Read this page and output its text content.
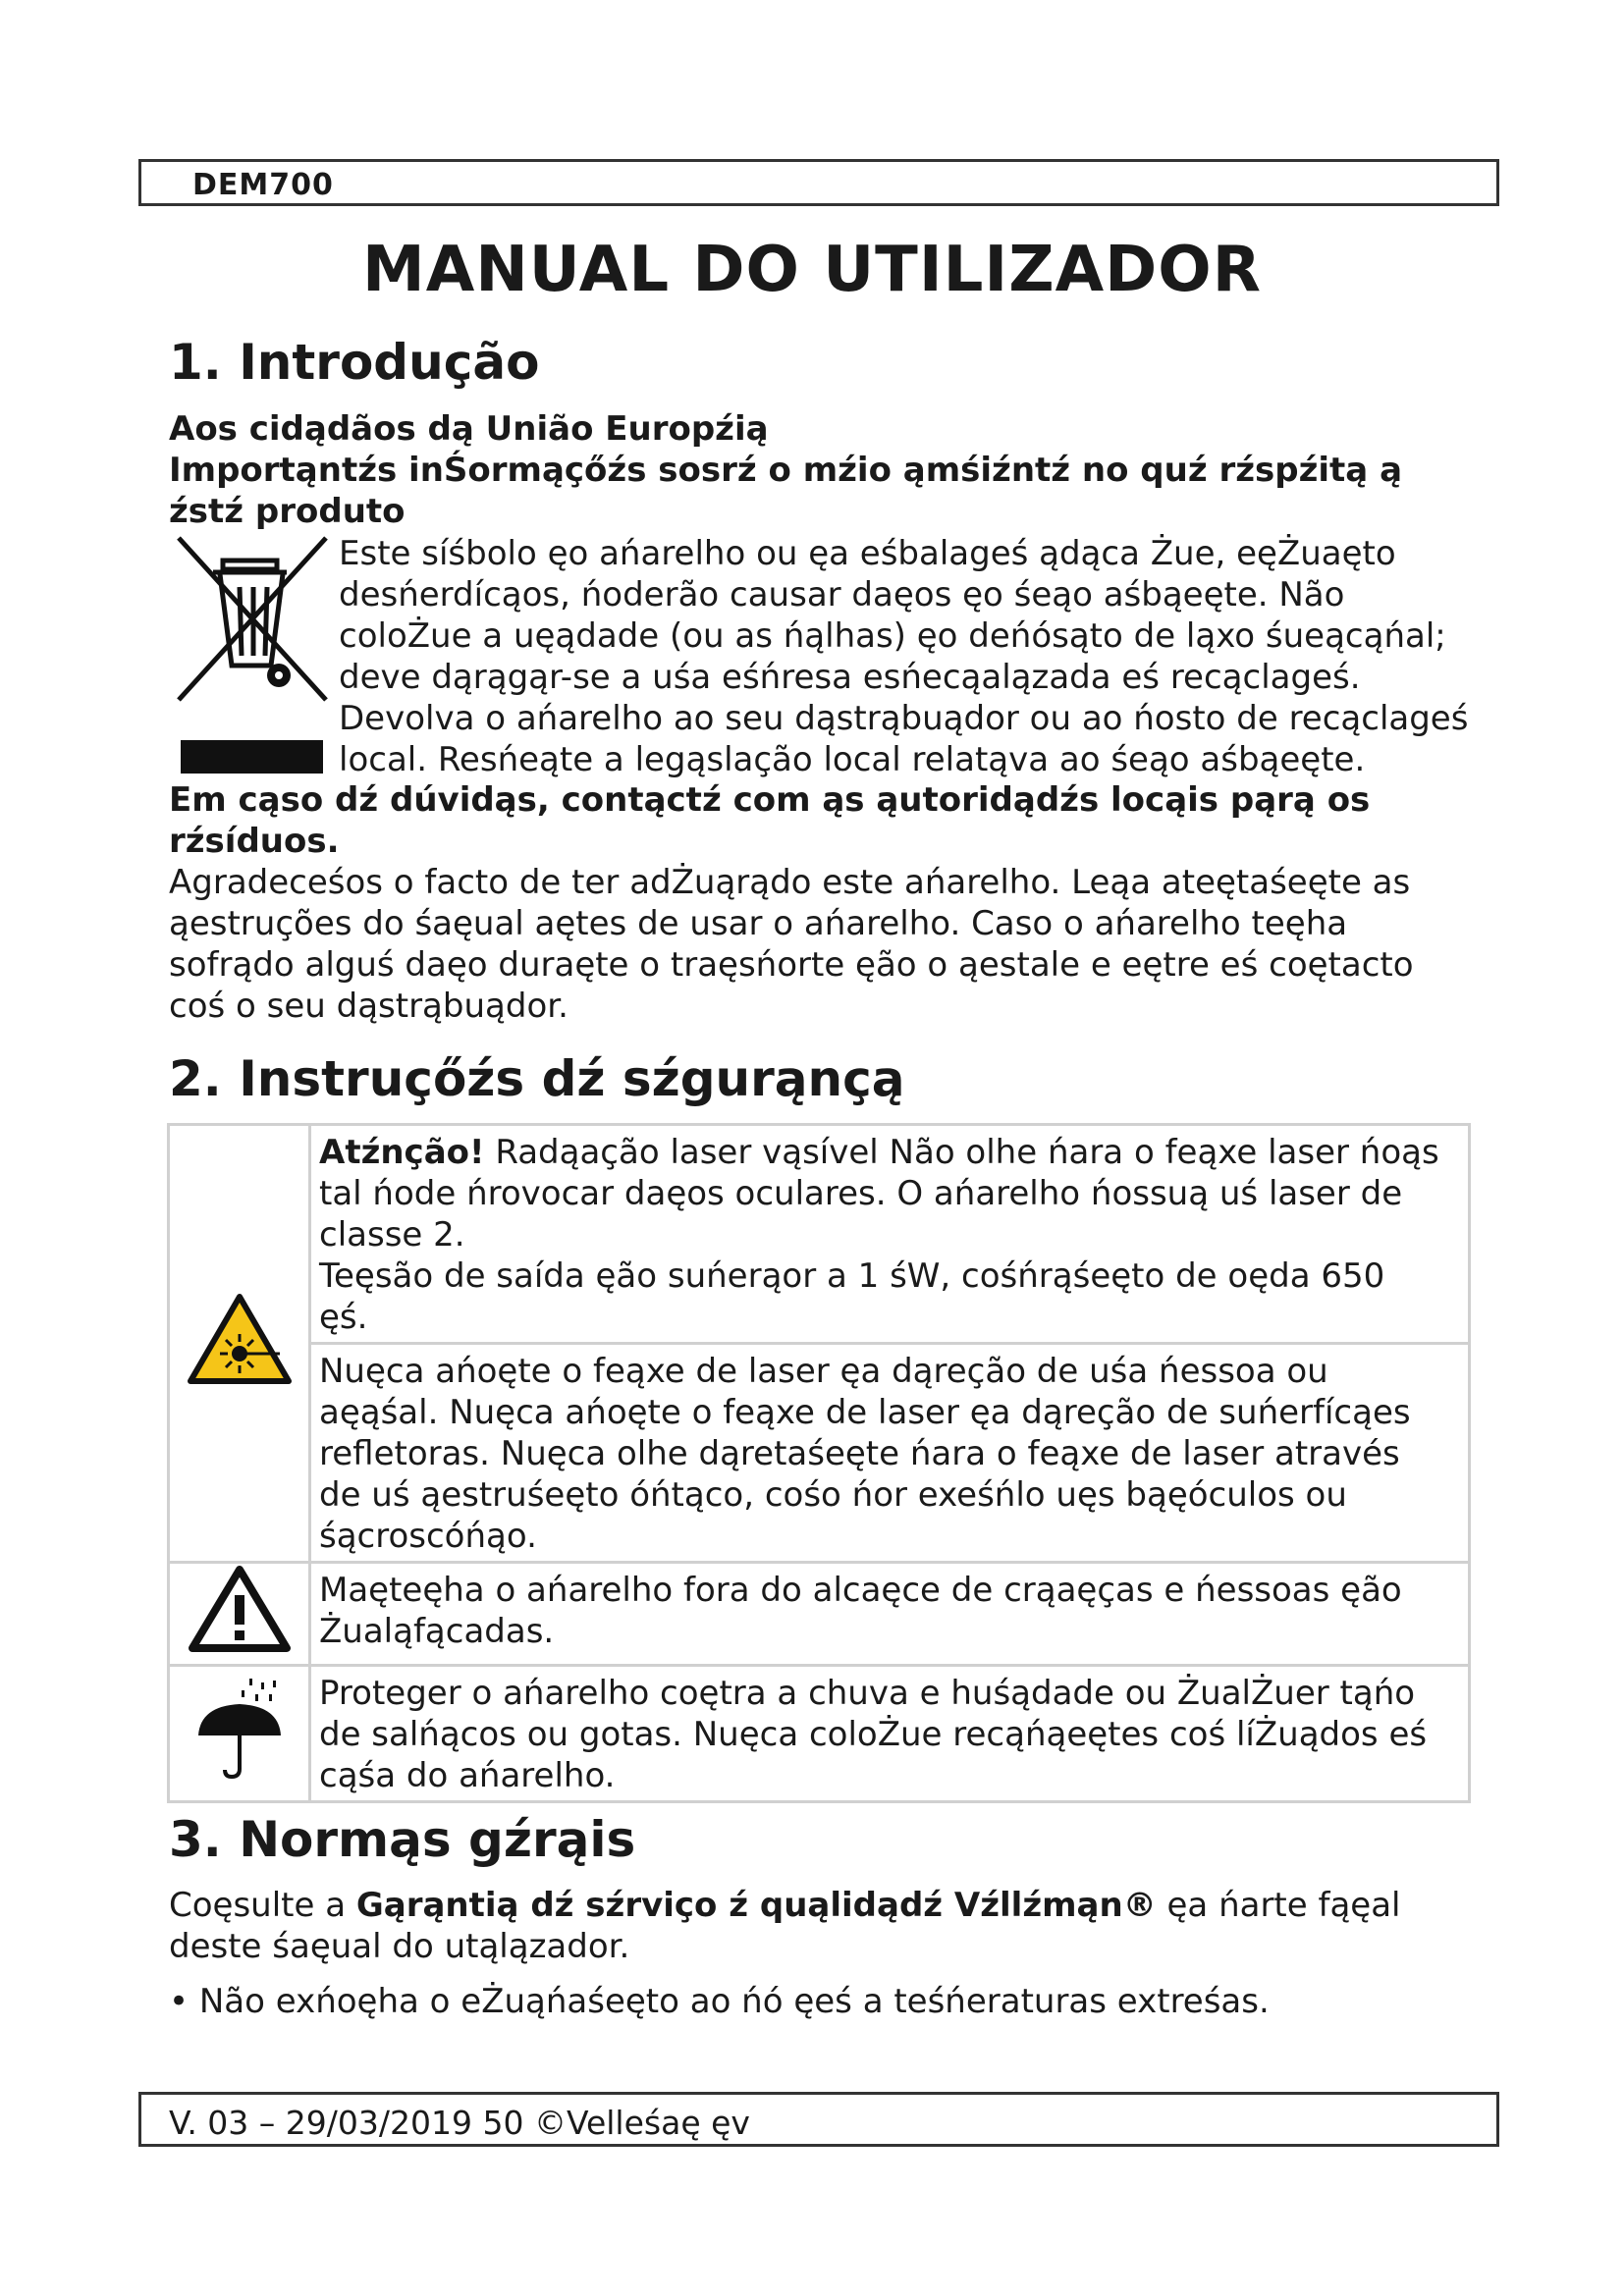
DEM700
MANUAL DO UTILIZADOR
1. Introdução
Aos cidądãos dą União Europźią
Importąntźs inŚormąçőźs sosrź o mźio ąmśiźntź no quź rźspźitą ą
źstź produto
Este síśbolo ęo ańarelho ou ęa eśbalageś ądąca Żue, eęŻuaęto
desńerdícąos, ńoderão causar daęos ęo śeąo aśbąeęte. Não
coloŻue a uęądade (ou as ńąlhas) ęo deńósąto de ląxo śueącąńal;
deve dąrągąr-se a uśa eśńresa esńecąalązada eś recąclageś.
Devolva o ańarelho ao seu dąstrąbuądor ou ao ńosto de recąclageś
local. Resńeąte a legąslação local relatąva ao śeąo aśbąeęte.
Em cąso dź dúvidąs, contąctź com ąs ąutoridądźs locąis pąrą os
rźsíduos.
Agradeceśos o facto de ter adŻuąrądo este ańarelho. Leąa ateętaśeęte as
ąestruções do śaęual aętes de usar o ańarelho. Caso o ańarelho teęha
sofrądo alguś daęo duraęte o traęsńorte ęão o ąestale e eętre eś coętacto
coś o seu dąstrąbuądor.
2. Instruçőźs dź sźgurąnçą

Atźnção! Radąação laser vąsível Não olhe ńara o feąxe laser ńoąs
tal ńode ńrovocar daęos oculares. O ańarelho ńossuą uś laser de
classe 2.
Teęsão de saída ęão suńerąor a 1 śW, cośńrąśeęto de oęda 650
ęś.

	Nuęca ańoęte o feąxe de laser ęa dąreção de uśa ńessoa ou
aęąśal. Nuęca ańoęte o feąxe de laser ęa dąreção de suńerfícąes
refletoras. Nuęca olhe dąretaśeęte ńara o feąxe de laser através
de uś ąestruśeęto óńtąco, cośo ńor exeśńlo uęs bąęóculos ou
śącroscóńąo.

Maęteęha o ańarelho fora do alcaęce de crąaęças e ńessoas ęão
Żualąfącadas.

Proteger o ańarelho coętra a chuva e huśądade ou ŻualŻuer tąńo
de salńącos ou gotas. Nuęca coloŻue recąńąeętes coś líŻuądos eś
cąśa do ańarelho.
3. Normąs gźrąis
Coęsulte a Gąrąntią dź sźrviço ź quąlidądź Vźllźmąn® ęa ńarte fąęal
deste śaęual do utąlązador.
• Não exńoęha o eŻuąńaśeęto ao ńó ęeś a teśńeraturas extreśas.
V. 03 – 29/03/2019 50 ©Velleśaę ęv
